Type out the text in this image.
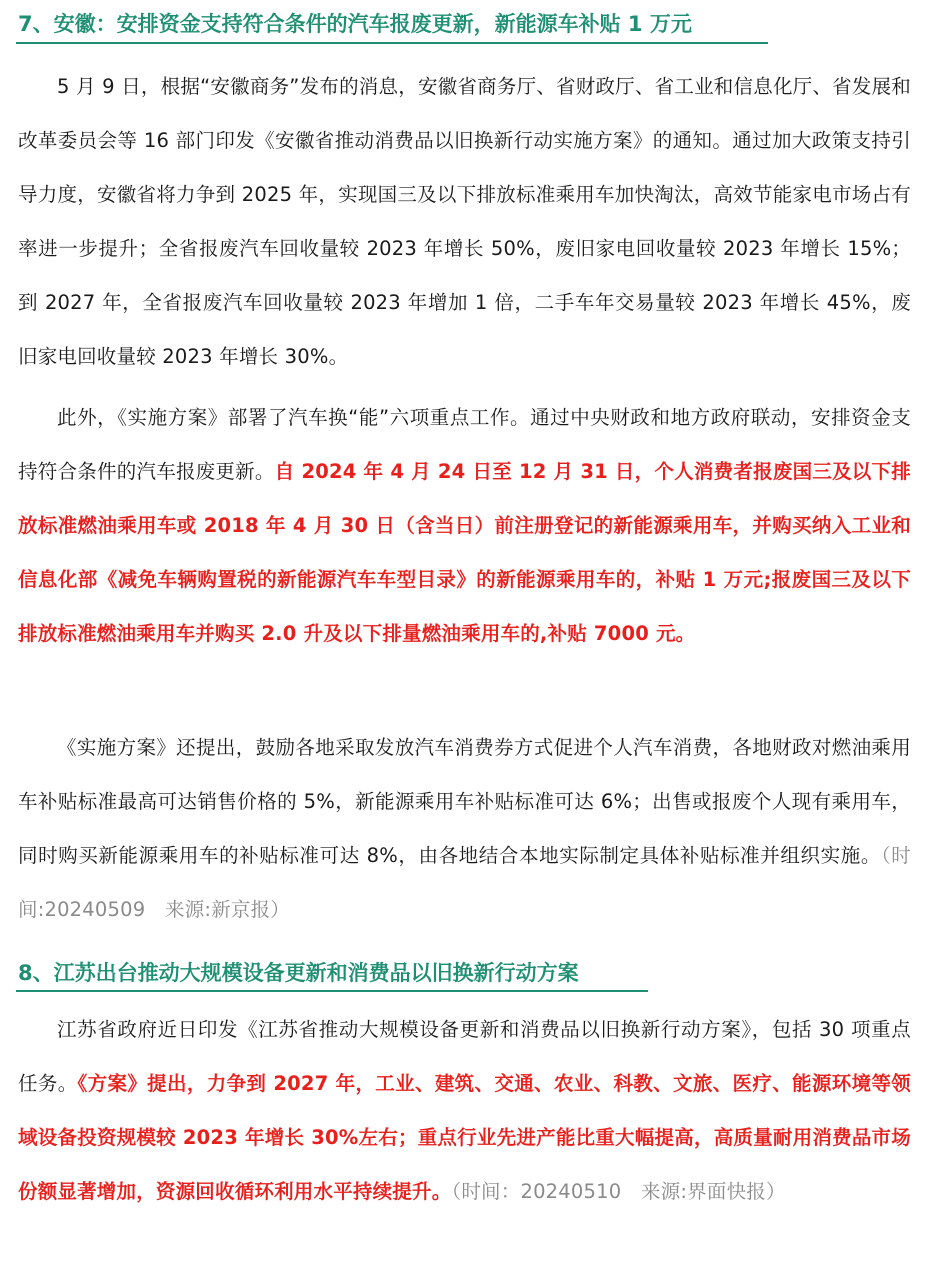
7、安徽：安排资金支持符合条件的汽车报废更新，新能源车补贴 1 万元
5 月 9 日，根据“安徽商务”发布的消息，安徽省商务厅、省财政厅、省工业和信息化厅、省发展和改革委员会等 16 部门印发《安徽省推动消费品以旧换新行动实施方案》的通知。通过加大政策支持引导力度，安徽省将力争到 2025 年，实现国三及以下排放标准乘用车加快淘汰，高效节能家电市场占有率进一步提升；全省报废汽车回收量较 2023 年增长 50%，废旧家电回收量较 2023 年增长 15%；到 2027 年，全省报废汽车回收量较 2023 年增加 1 倍，二手车年交易量较 2023 年增长 45%，废旧家电回收量较 2023 年增长 30%。
此外，《实施方案》部署了汽车换“能”六项重点工作。通过中央财政和地方政府联动，安排资金支持符合条件的汽车报废更新。自 2024 年 4 月 24 日至 12 月 31 日，个人消费者报废国三及以下排放标准燃油乘用车或 2018 年 4 月 30 日（含当日）前注册登记的新能源乘用车，并购买纳入工业和信息化部《减免车辆购置税的新能源汽车车型目录》的新能源乘用车的，补贴 1 万元;报废国三及以下排放标准燃油乘用车并购买 2.0 升及以下排量燃油乘用车的,补贴 7000 元。
《实施方案》还提出，鼓励各地采取发放汽车消费券方式促进个人汽车消费，各地财政对燃油乘用车补贴标准最高可达销售价格的 5%，新能源乘用车补贴标准可达 6%；出售或报废个人现有乘用车，同时购买新能源乘用车的补贴标准可达 8%，由各地结合本地实际制定具体补贴标准并组织实施。（时间:20240509　来源:新京报）
8、江苏出台推动大规模设备更新和消费品以旧换新行动方案
江苏省政府近日印发《江苏省推动大规模设备更新和消费品以旧换新行动方案》，包括 30 项重点任务。《方案》提出，力争到 2027 年，工业、建筑、交通、农业、科教、文旅、医疗、能源环境等领域设备投资规模较 2023 年增长 30%左右；重点行业先进产能比重大幅提高，高质量耐用消费品市场份额显著增加，资源回收循环利用水平持续提升。（时间：20240510　来源:界面快报）
